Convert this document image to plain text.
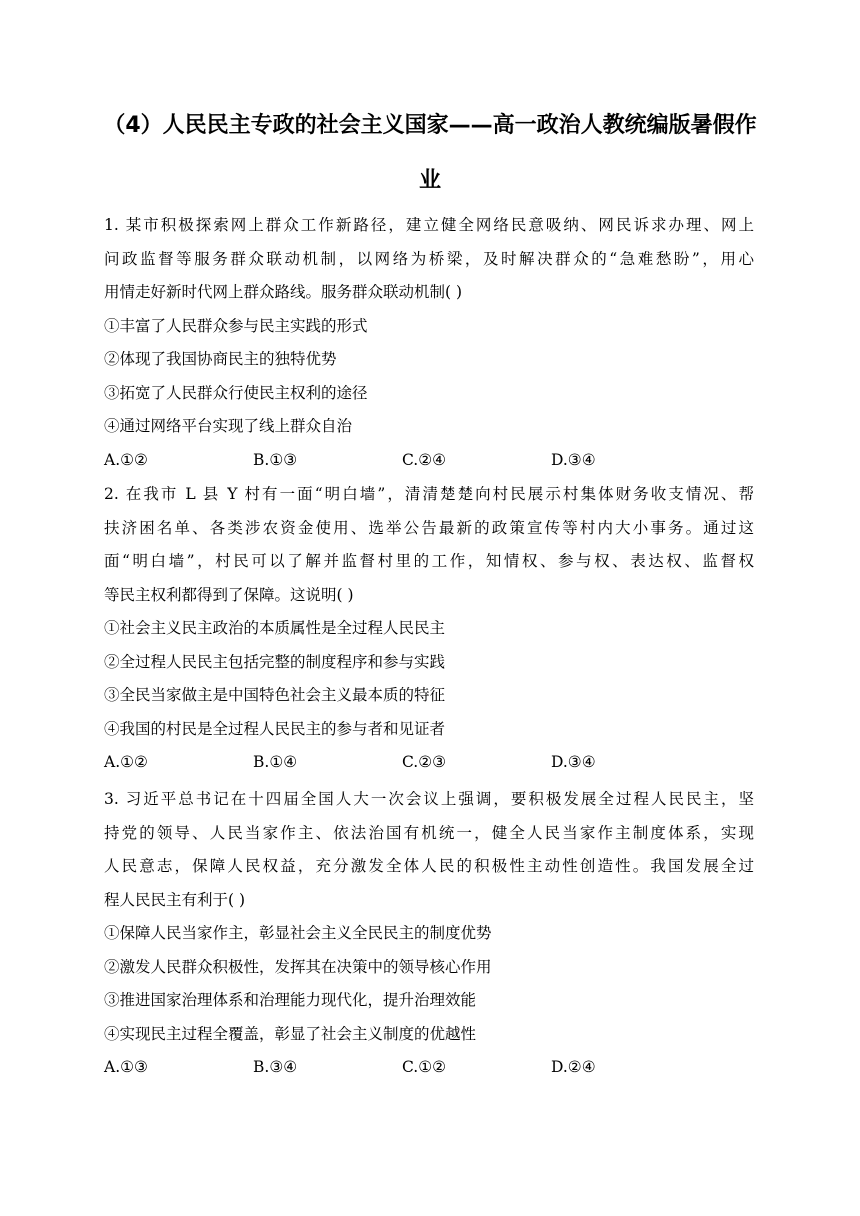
（4）人民民主专政的社会主义国家——高一政治人教统编版暑假作
业
1. 某市积极探索网上群众工作新路径，建立健全网络民意吸纳、网民诉求办理、网上
问政监督等服务群众联动机制，以网络为桥梁，及时解决群众的“急难愁盼”，用心
用情走好新时代网上群众路线。服务群众联动机制( )
①丰富了人民群众参与民主实践的形式
②体现了我国协商民主的独特优势
③拓宽了人民群众行使民主权利的途径
④通过网络平台实现了线上群众自治
A.①②	B.①③	C.②④	D.③④
2. 在我市 L 县 Y 村有一面“明白墙”，清清楚楚向村民展示村集体财务收支情况、帮
扶济困名单、各类涉农资金使用、选举公告最新的政策宣传等村内大小事务。通过这
面“明白墙”，村民可以了解并监督村里的工作，知情权、参与权、表达权、监督权
等民主权利都得到了保障。这说明( )
①社会主义民主政治的本质属性是全过程人民民主
②全过程人民民主包括完整的制度程序和参与实践
③全民当家做主是中国特色社会主义最本质的特征
④我国的村民是全过程人民民主的参与者和见证者
A.①②	B.①④	C.②③	D.③④
3. 习近平总书记在十四届全国人大一次会议上强调，要积极发展全过程人民民主，坚
持党的领导、人民当家作主、依法治国有机统一，健全人民当家作主制度体系，实现
人民意志，保障人民权益，充分激发全体人民的积极性主动性创造性。我国发展全过
程人民民主有利于( )
①保障人民当家作主，彰显社会主义全民民主的制度优势
②激发人民群众积极性，发挥其在决策中的领导核心作用
③推进国家治理体系和治理能力现代化，提升治理效能
④实现民主过程全覆盖，彰显了社会主义制度的优越性
A.①③	B.③④	C.①②	D.②④
